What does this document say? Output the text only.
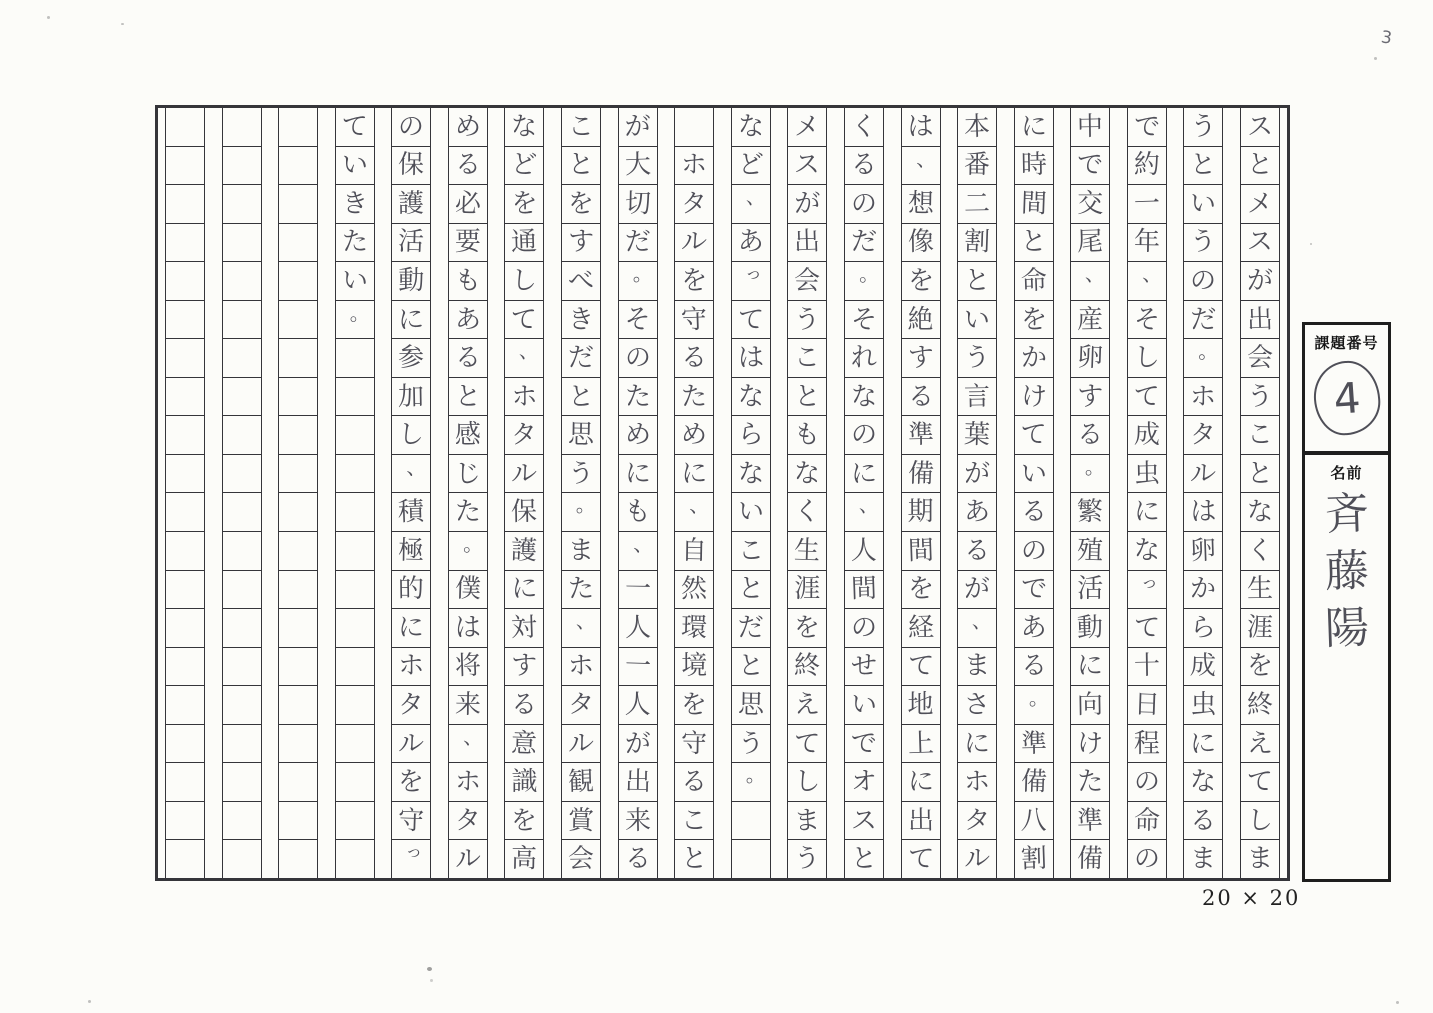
3
ス
と
メ
ス
が
出
会
う
こ
と
な
く
生
涯
を
終
え
て
し
ま
う
と
い
う
の
だ
。
ホ
タ
ル
は
卵
か
ら
成
虫
に
な
る
ま
で
約
一
年
、
そ
し
て
成
虫
に
な
っ
て
十
日
程
の
命
の
中
で
交
尾
、
産
卵
す
る
。
繁
殖
活
動
に
向
け
た
準
備
に
時
間
と
命
を
か
け
て
い
る
の
で
あ
る
。
準
備
八
割
本
番
二
割
と
い
う
言
葉
が
あ
る
が
、
ま
さ
に
ホ
タ
ル
は
、
想
像
を
絶
す
る
準
備
期
間
を
経
て
地
上
に
出
て
く
る
の
だ
。
そ
れ
な
の
に
、
人
間
の
せ
い
で
オ
ス
と
メ
ス
が
出
会
う
こ
と
も
な
く
生
涯
を
終
え
て
し
ま
う
な
ど
、
あ
っ
て
は
な
ら
な
い
こ
と
だ
と
思
う
。
ホ
タ
ル
を
守
る
た
め
に
、
自
然
環
境
を
守
る
こ
と
が
大
切
だ
。
そ
の
た
め
に
も
、
一
人
一
人
が
出
来
る
こ
と
を
す
べ
き
だ
と
思
う
。
ま
た
、
ホ
タ
ル
観
賞
会
な
ど
を
通
し
て
、
ホ
タ
ル
保
護
に
対
す
る
意
識
を
高
め
る
必
要
も
あ
る
と
感
じ
た
。
僕
は
将
来
、
ホ
タ
ル
の
保
護
活
動
に
参
加
し
、
積
極
的
に
ホ
タ
ル
を
守
っ
て
い
き
た
い
。
20 × 20
課題番号
4
名前
斉
藤
陽
